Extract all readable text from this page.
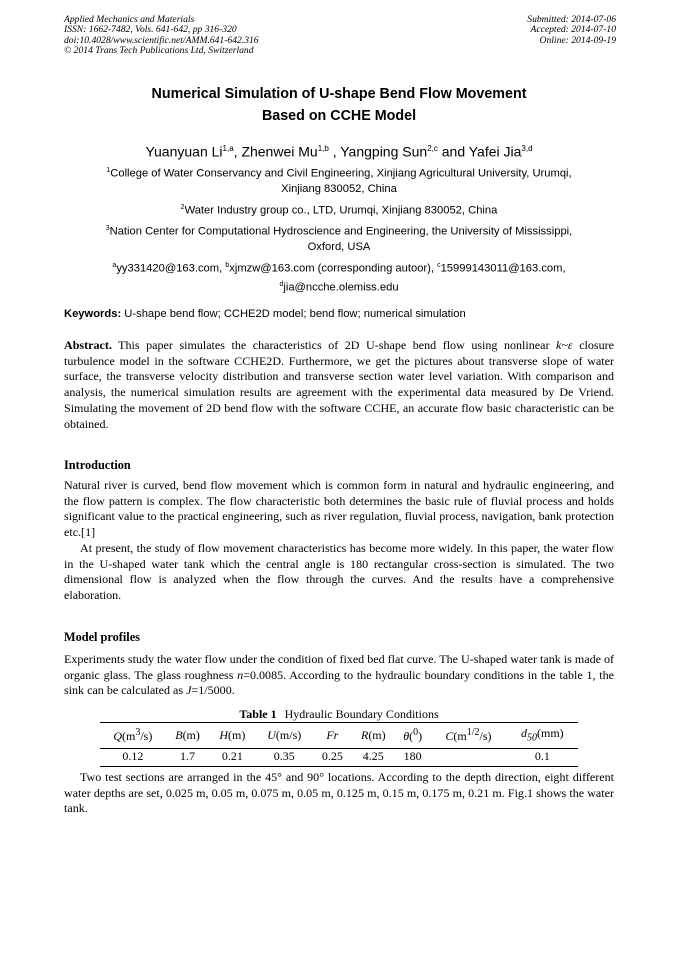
Applied Mechanics and Materials
ISSN: 1662-7482, Vols. 641-642, pp 316-320
doi:10.4028/www.scientific.net/AMM.641-642.316
© 2014 Trans Tech Publications Ltd, Switzerland
Submitted: 2014-07-06
Accepted: 2014-07-10
Online: 2014-09-19
Numerical Simulation of U-shape Bend Flow Movement
Based on CCHE Model
Yuanyuan Li$^{1,a}$, Zhenwei Mu$^{1,b}$ , Yangping Sun$^{2,c}$ and Yafei Jia$^{3,d}$
$^1$College of Water Conservancy and Civil Engineering, Xinjiang Agricultural University, Urumqi,
Xinjiang 830052, China
$^2$Water Industry group co., LTD, Urumqi, Xinjiang 830052, China
$^3$Nation Center for Computational Hydroscience and Engineering, the University of Mississippi,
Oxford, USA
$^a$yy331420@163.com, $^b$xjmzw@163.com (corresponding autoor), $^c$15999143011@163.com,
$^d$jia@ncche.olemiss.edu
Keywords: U-shape bend flow; CCHE2D model; bend flow; numerical simulation
Abstract. This paper simulates the characteristics of 2D U-shape bend flow using nonlinear k~ε closure turbulence model in the software CCHE2D. Furthermore, we get the pictures about transverse slope of water surface, the transverse velocity distribution and transverse section water level variation. With comparison and analysis, the numerical simulation results are agreement with the experimental data measured by De Vriend. Simulating the movement of 2D bend flow with the software CCHE, an accurate flow basic characteristic can be obtained.
Introduction
Natural river is curved, bend flow movement which is common form in natural and hydraulic engineering, and the flow pattern is complex. The flow characteristic both determines the basic rule of fluvial process and holds significant value to the practical engineering, such as river regulation, fluvial process, navigation, bank protection etc.[1]
At present, the study of flow movement characteristics has become more widely. In this paper, the water flow in the U-shaped water tank which the central angle is 180 rectangular cross-section is simulated. The two dimensional flow is analyzed when the flow through the curves. And the results have a comprehensive elaboration.
Model profiles
Experiments study the water flow under the condition of fixed bed flat curve. The U-shaped water tank is made of organic glass. The glass roughness n=0.0085. According to the hydraulic boundary conditions in the table 1, the sink can be calculated as J=1/5000.
Table 1 Hydraulic Boundary Conditions
$Q(m^3/s)$	B(m)	H(m)	U(m/s)	Fr	R(m)	θ($^0$)	$C(m^{1/2}/s)$	$d_{50}(mm)$
0.12	1.7	0.21	0.35	0.25	4.25	180		0.1
Two test sections are arranged in the 45° and 90° locations. According to the depth direction, eight different water depths are set, 0.025 m, 0.05 m, 0.075 m, 0.05 m, 0.125 m, 0.15 m, 0.175 m, 0.21 m. Fig.1 shows the water tank.
